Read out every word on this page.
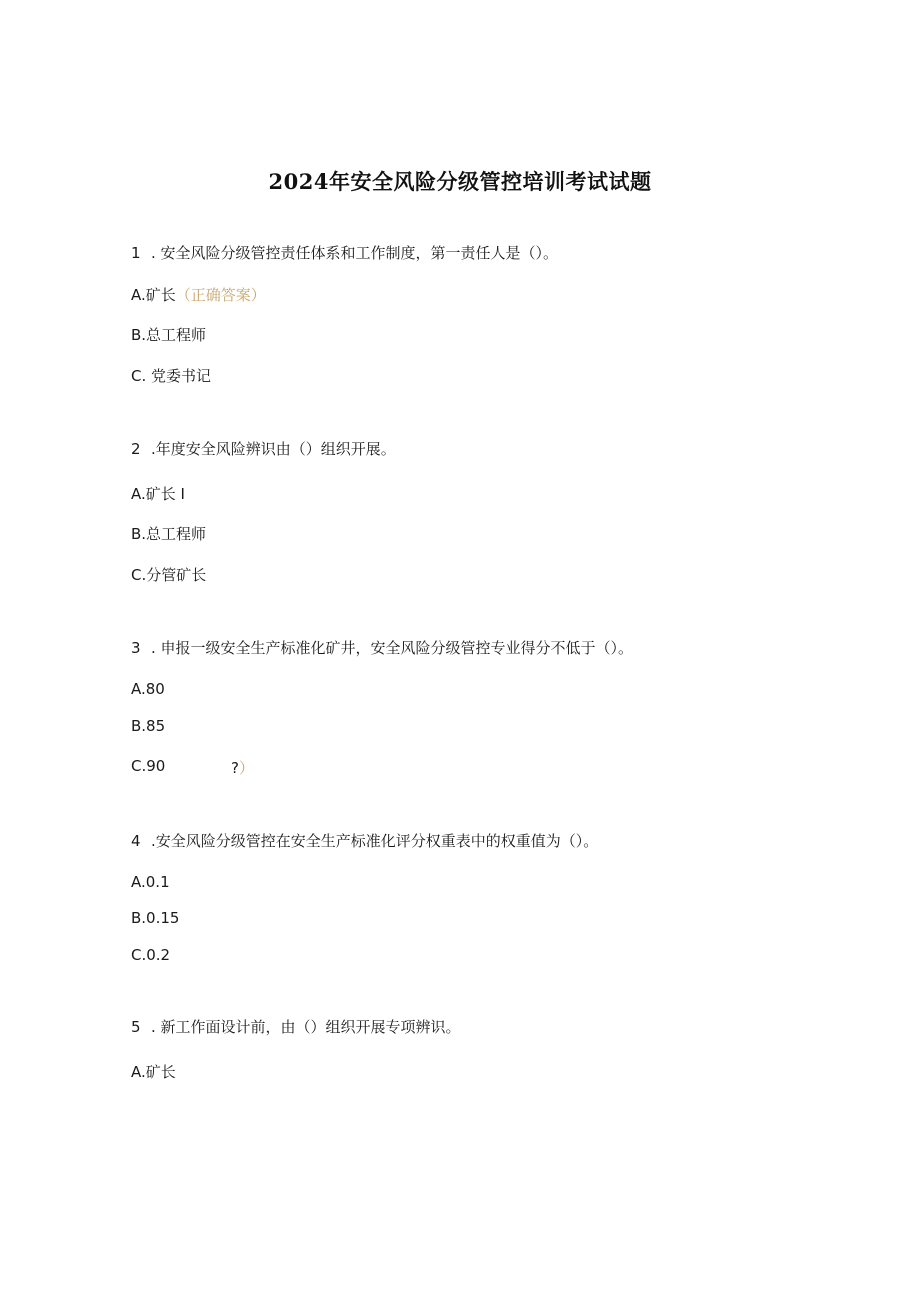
2024年安全风险分级管控培训考试试题
1 . 安全风险分级管控责任体系和工作制度，第一责任人是（）。
A.矿长（正确答案）
B.总工程师
C. 党委书记
2 .年度安全风险辨识由（）组织开展。
A.矿长 I
B.总工程师
C.分管矿长
3 . 申报一级安全生产标准化矿井，安全风险分级管控专业得分不低于（）。
A.80
B.85
C.90	?）
4 .安全风险分级管控在安全生产标准化评分权重表中的权重值为（）。
A.0.1
B.0.15
C.0.2
5 . 新工作面设计前，由（）组织开展专项辨识。
A.矿长
